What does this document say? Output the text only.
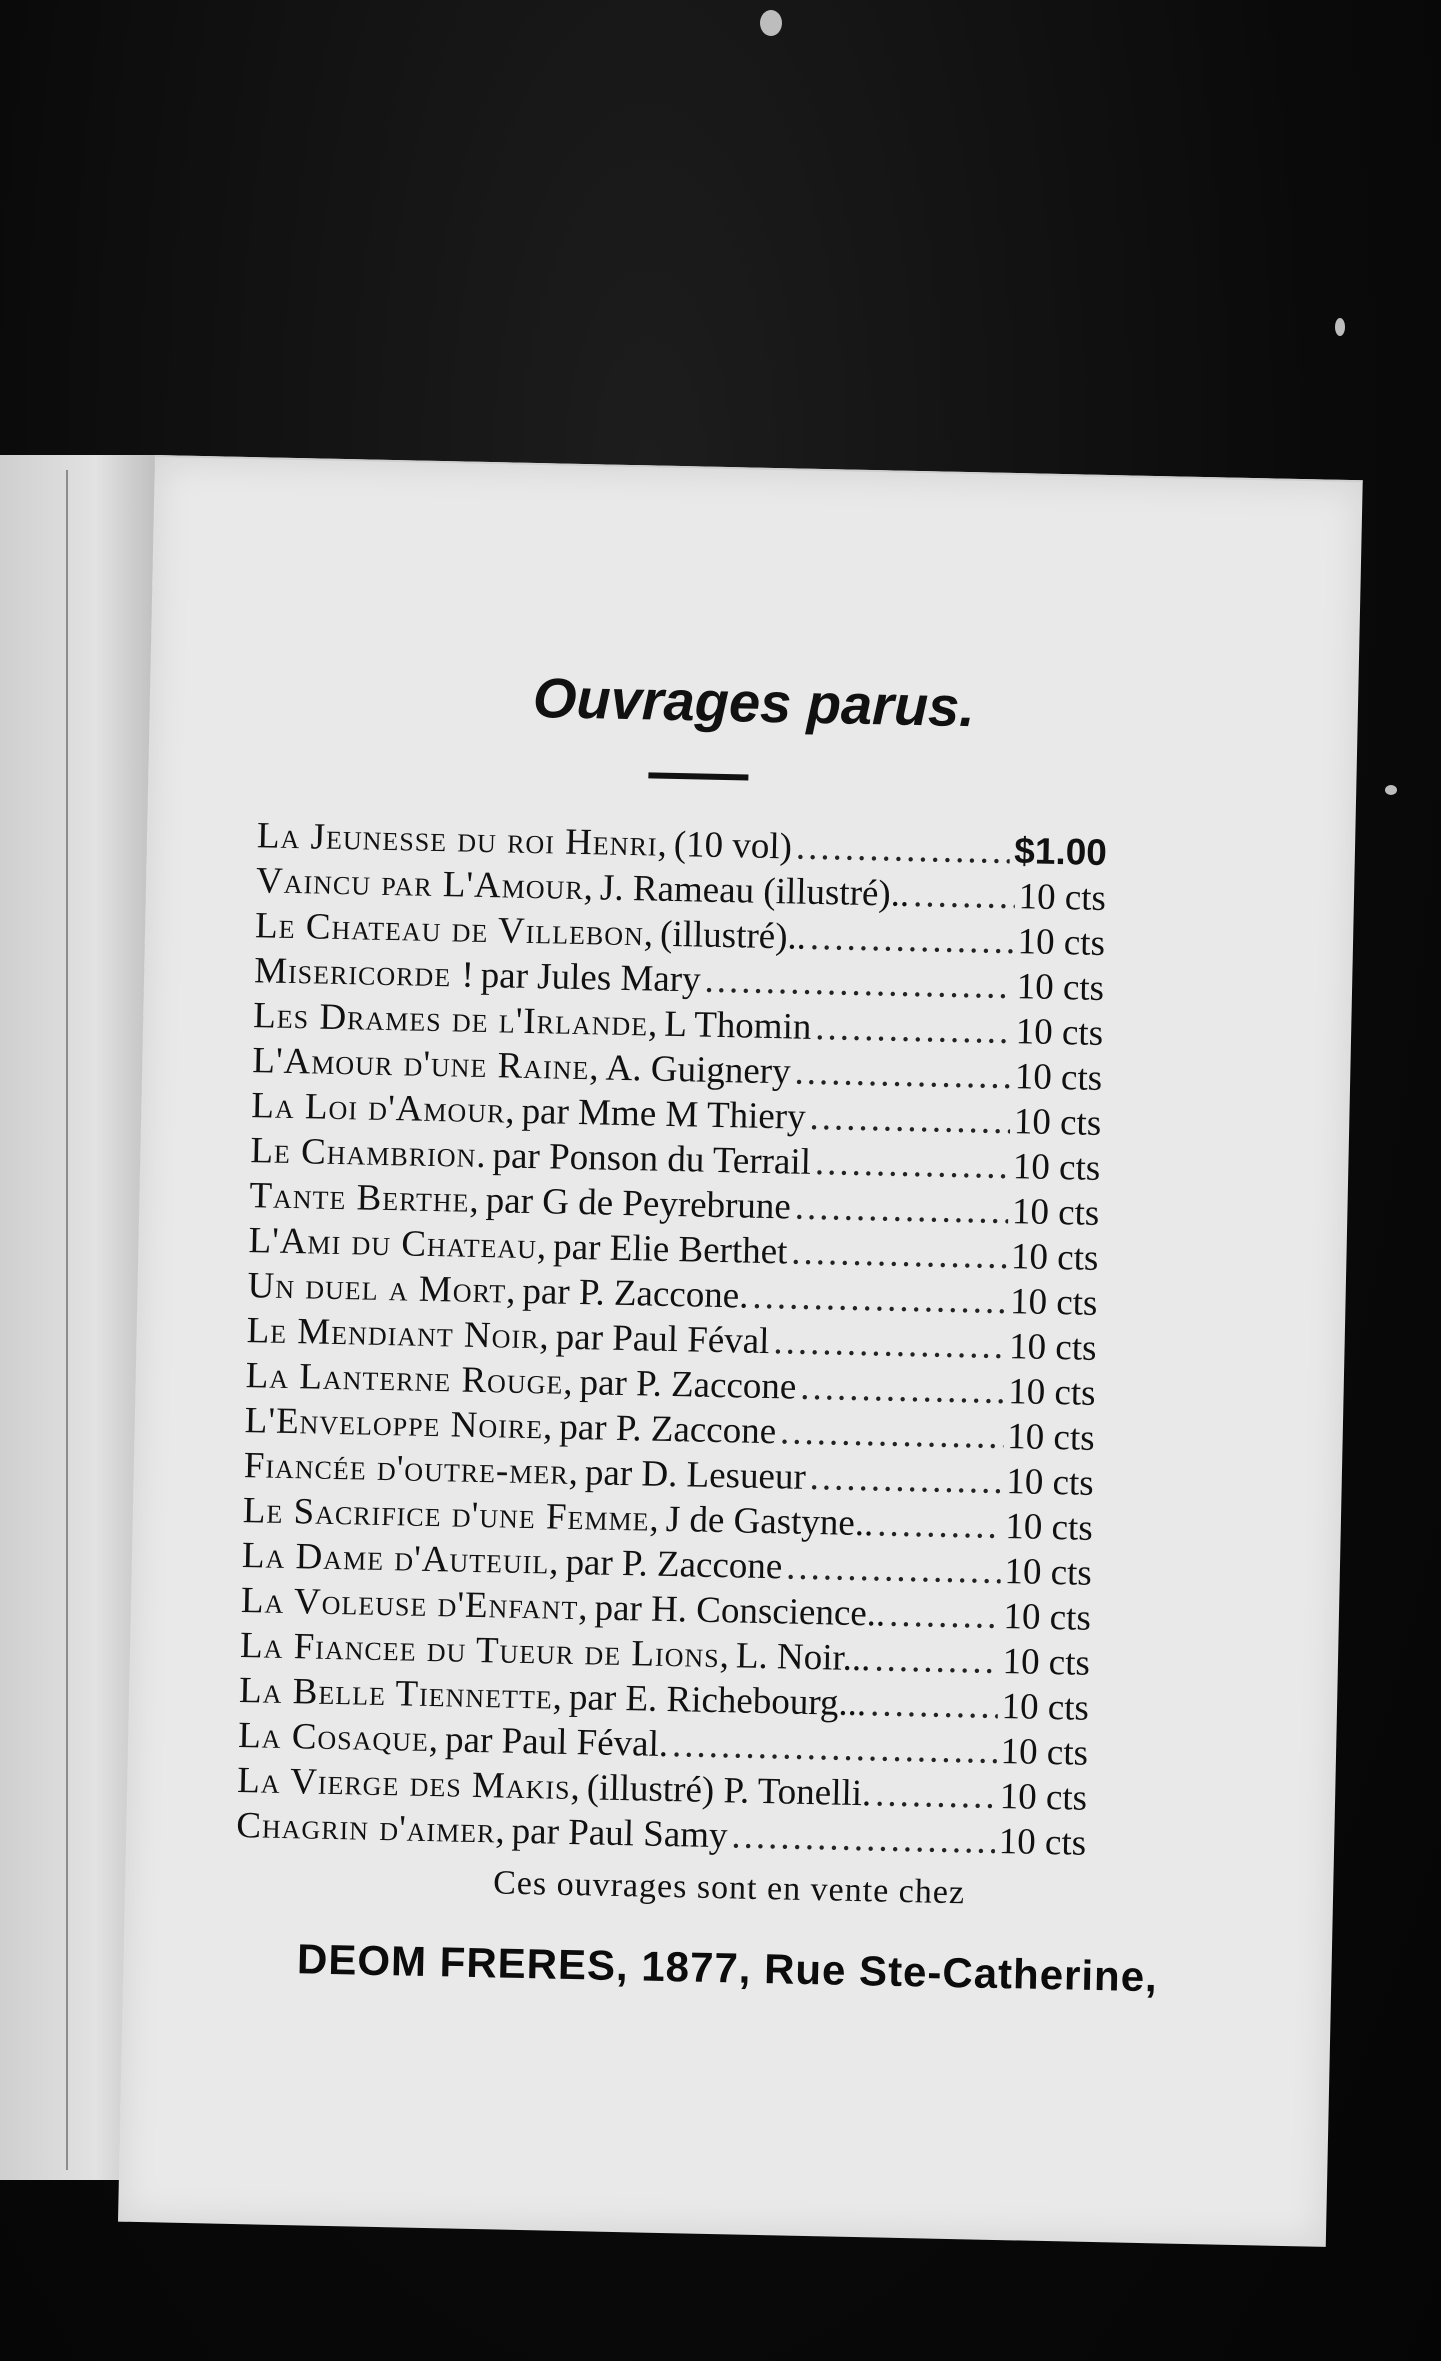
Ouvrages parus.
La Jeunesse du roi Henri, (10 vol) .....	$1.00
Vaincu par L'Amour, J. Rameau (illustré).. .....	10 cts
Le Chateau de Villebon, (illustré).. .....	10 cts
Misericorde ! par Jules Mary .....	10 cts
Les Drames de l'Irlande, L Thomin .....	10 cts
L'Amour d'une Raine, A. Guignery .....	10 cts
La Loi d'Amour, par Mme M Thiery .....	10 cts
Le Chambrion. par Ponson du Terrail .....	10 cts
Tante Berthe, par G de Peyrebrune .....	10 cts
L'Ami du Chateau, par Elie Berthet .....	10 cts
Un duel a Mort, par P. Zaccone. .....	10 cts
Le Mendiant Noir, par Paul Féval .....	10 cts
La Lanterne Rouge, par P. Zaccone .....	10 cts
L'Enveloppe Noire, par P. Zaccone .....	10 cts
Fiancée d'outre-mer, par D. Lesueur .....	10 cts
Le Sacrifice d'une Femme, J de Gastyne.. .....	10 cts
La Dame d'Auteuil, par P. Zaccone .....	10 cts
La Voleuse d'Enfant, par H. Conscience.. .....	10 cts
La Fiancee du Tueur de Lions, L. Noir... .....	10 cts
La Belle Tiennette, par E. Richebourg... .....	10 cts
La Cosaque, par Paul Féval. .....	10 cts
La Vierge des Makis, (illustré) P. Tonelli. .....	10 cts
Chagrin d'aimer, par Paul Samy .....	10 cts
Ces ouvrages sont en vente chez
DEOM FRERES, 1877, Rue Ste-Catherine,
